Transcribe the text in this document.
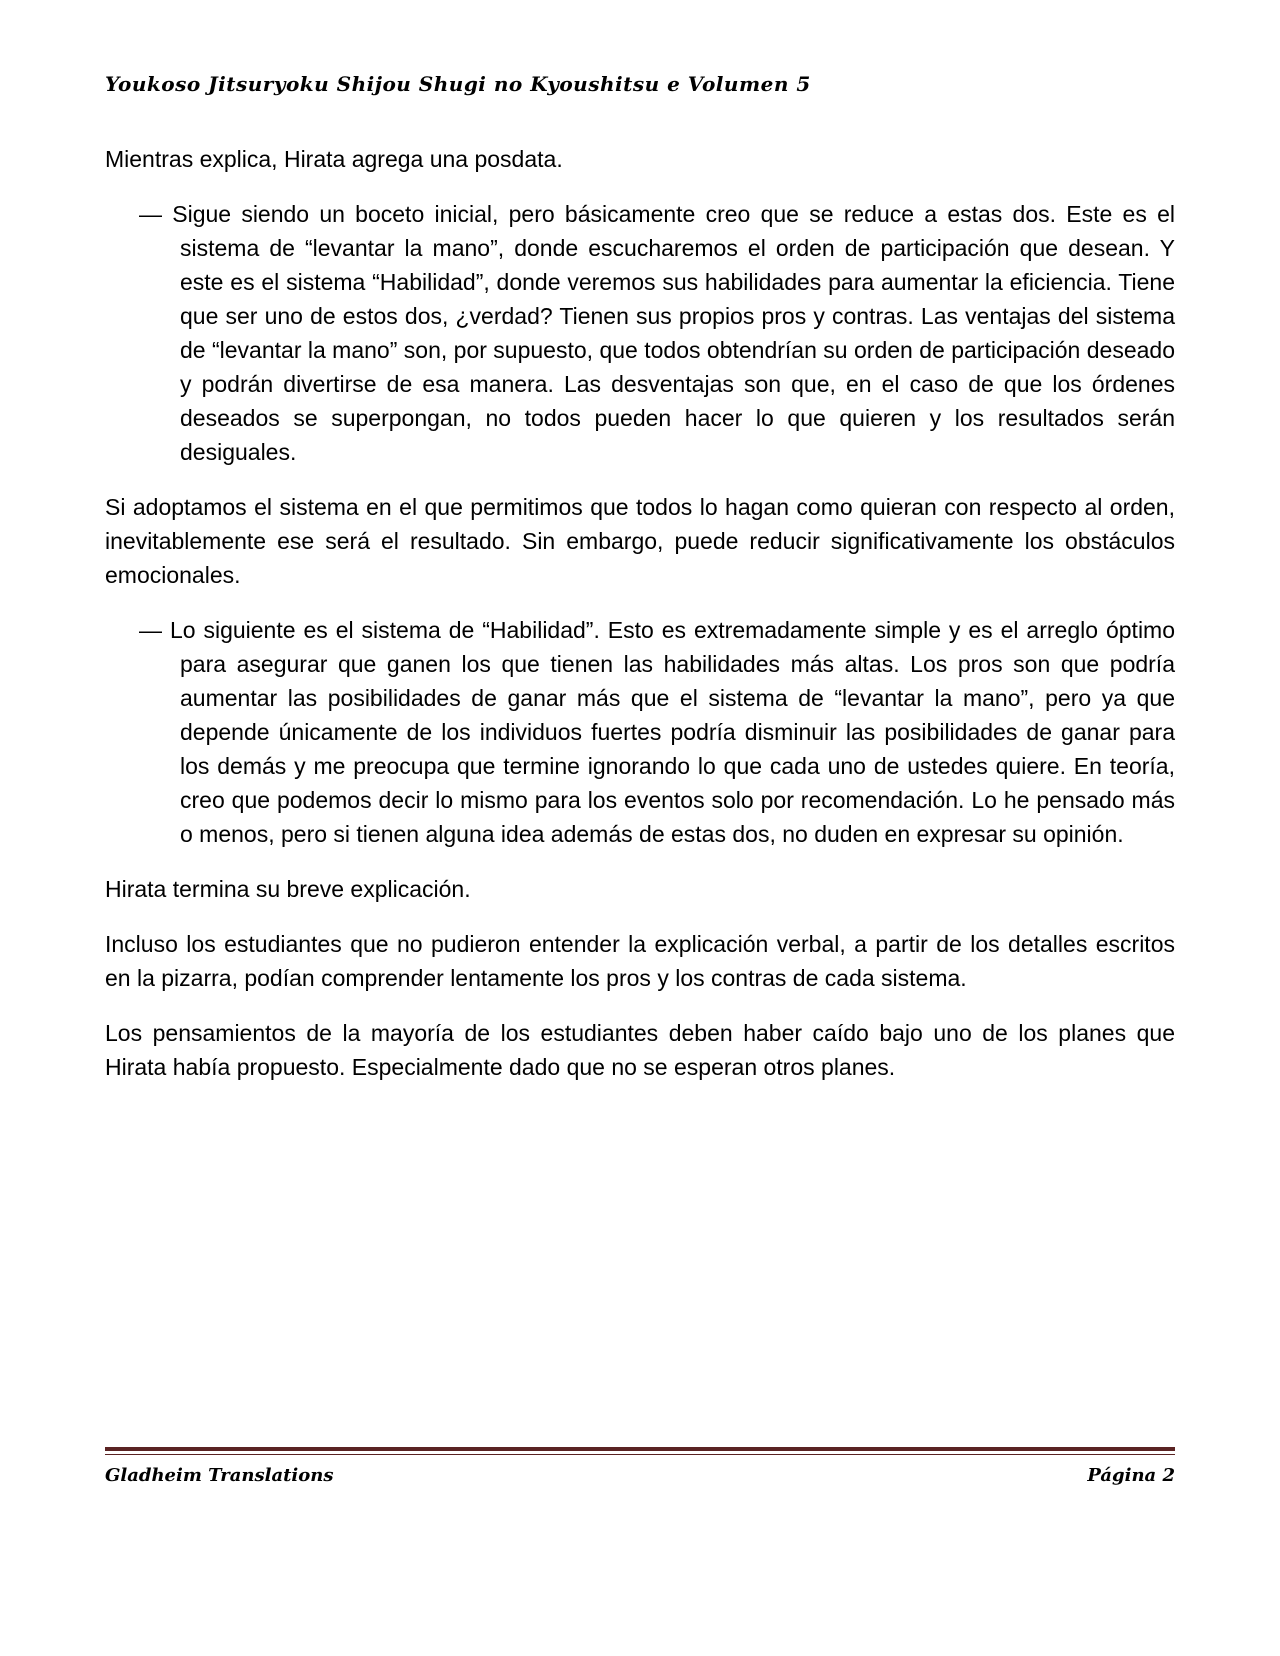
Youkoso Jitsuryoku Shijou Shugi no Kyoushitsu e Volumen 5

Mientras explica, Hirata agrega una posdata.

— Sigue siendo un boceto inicial, pero básicamente creo que se reduce a estas dos. Este es el sistema de “levantar la mano”, donde escucharemos el orden de participación que desean. Y este es el sistema “Habilidad”, donde veremos sus habilidades para aumentar la eficiencia. Tiene que ser uno de estos dos, ¿verdad? Tienen sus propios pros y contras. Las ventajas del sistema de “levantar la mano” son, por supuesto, que todos obtendrían su orden de participación deseado y podrán divertirse de esa manera. Las desventajas son que, en el caso de que los órdenes deseados se superpongan, no todos pueden hacer lo que quieren y los resultados serán desiguales.

Si adoptamos el sistema en el que permitimos que todos lo hagan como quieran con respecto al orden, inevitablemente ese será el resultado. Sin embargo, puede reducir significativamente los obstáculos emocionales.

— Lo siguiente es el sistema de “Habilidad”. Esto es extremadamente simple y es el arreglo óptimo para asegurar que ganen los que tienen las habilidades más altas. Los pros son que podría aumentar las posibilidades de ganar más que el sistema de “levantar la mano”, pero ya que depende únicamente de los individuos fuertes podría disminuir las posibilidades de ganar para los demás y me preocupa que termine ignorando lo que cada uno de ustedes quiere. En teoría, creo que podemos decir lo mismo para los eventos solo por recomendación. Lo he pensado más o menos, pero si tienen alguna idea además de estas dos, no duden en expresar su opinión.

Hirata termina su breve explicación.

Incluso los estudiantes que no pudieron entender la explicación verbal, a partir de los detalles escritos en la pizarra, podían comprender lentamente los pros y los contras de cada sistema.

Los pensamientos de la mayoría de los estudiantes deben haber caído bajo uno de los planes que Hirata había propuesto. Especialmente dado que no se esperan otros planes.

Gladheim Translations	Página 2
